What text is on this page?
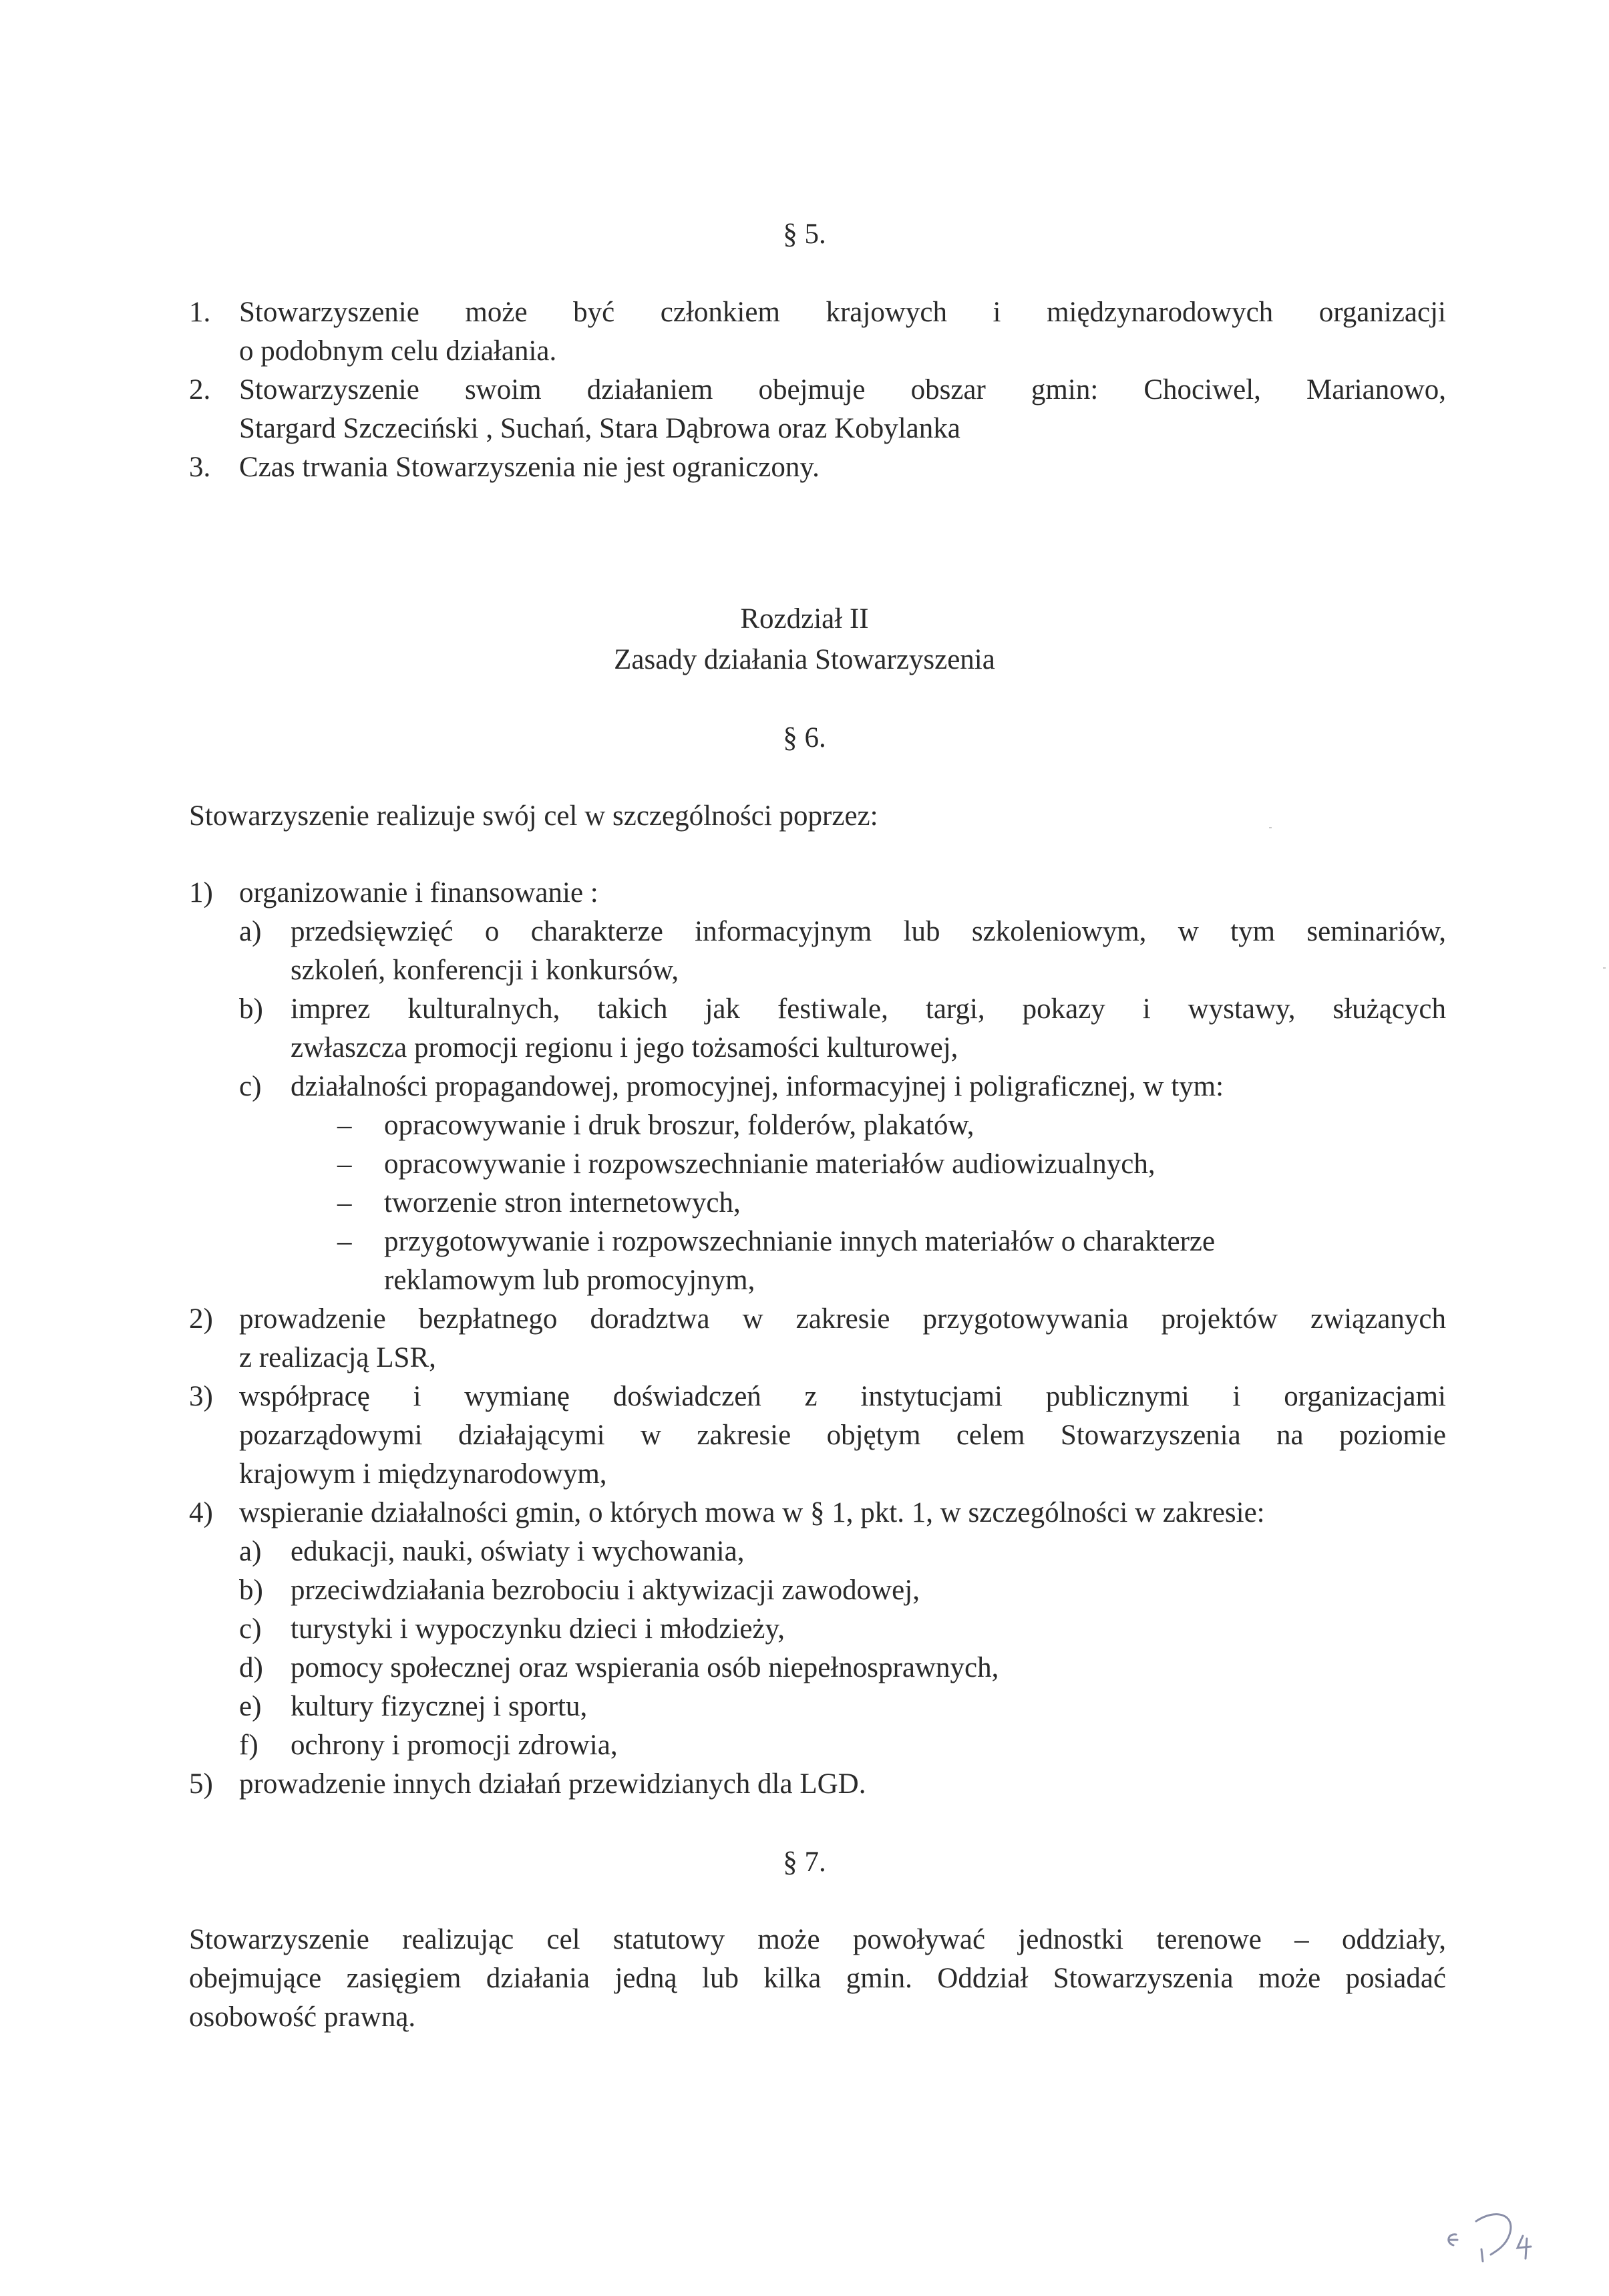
§ 5.
1. Stowarzyszenie może być członkiem krajowych i międzynarodowych organizacji
o podobnym celu działania.
2. Stowarzyszenie swoim działaniem obejmuje obszar gmin: Chociwel, Marianowo,
Stargard Szczeciński , Suchań, Stara Dąbrowa oraz Kobylanka
3. Czas trwania Stowarzyszenia nie jest ograniczony.
Rozdział II
Zasady działania Stowarzyszenia
§ 6.
Stowarzyszenie realizuje swój cel w szczególności poprzez:
1) organizowanie i finansowanie :
a) przedsięwzięć o charakterze informacyjnym lub szkoleniowym, w tym seminariów,
szkoleń, konferencji i konkursów,
b) imprez kulturalnych, takich jak festiwale, targi, pokazy i wystawy, służących
zwłaszcza promocji regionu i jego tożsamości kulturowej,
c) działalności propagandowej, promocyjnej, informacyjnej i poligraficznej, w tym:
– opracowywanie i druk broszur, folderów, plakatów,
– opracowywanie i rozpowszechnianie materiałów audiowizualnych,
– tworzenie stron internetowych,
– przygotowywanie i rozpowszechnianie innych materiałów o charakterze
reklamowym lub promocyjnym,
2) prowadzenie bezpłatnego doradztwa w zakresie przygotowywania projektów związanych
z realizacją LSR,
3) współpracę i wymianę doświadczeń z instytucjami publicznymi i organizacjami
pozarządowymi działającymi w zakresie objętym celem Stowarzyszenia na poziomie
krajowym i międzynarodowym,
4) wspieranie działalności gmin, o których mowa w § 1, pkt. 1, w szczególności w zakresie:
a) edukacji, nauki, oświaty i wychowania,
b) przeciwdziałania bezrobociu i aktywizacji zawodowej,
c) turystyki i wypoczynku dzieci i młodzieży,
d) pomocy społecznej oraz wspierania osób niepełnosprawnych,
e) kultury fizycznej i sportu,
f) ochrony i promocji zdrowia,
5) prowadzenie innych działań przewidzianych dla LGD.
§ 7.
Stowarzyszenie realizując cel statutowy może powoływać jednostki terenowe – oddziały,
obejmujące zasięgiem działania jedną lub kilka gmin. Oddział Stowarzyszenia może posiadać
osobowość prawną.
